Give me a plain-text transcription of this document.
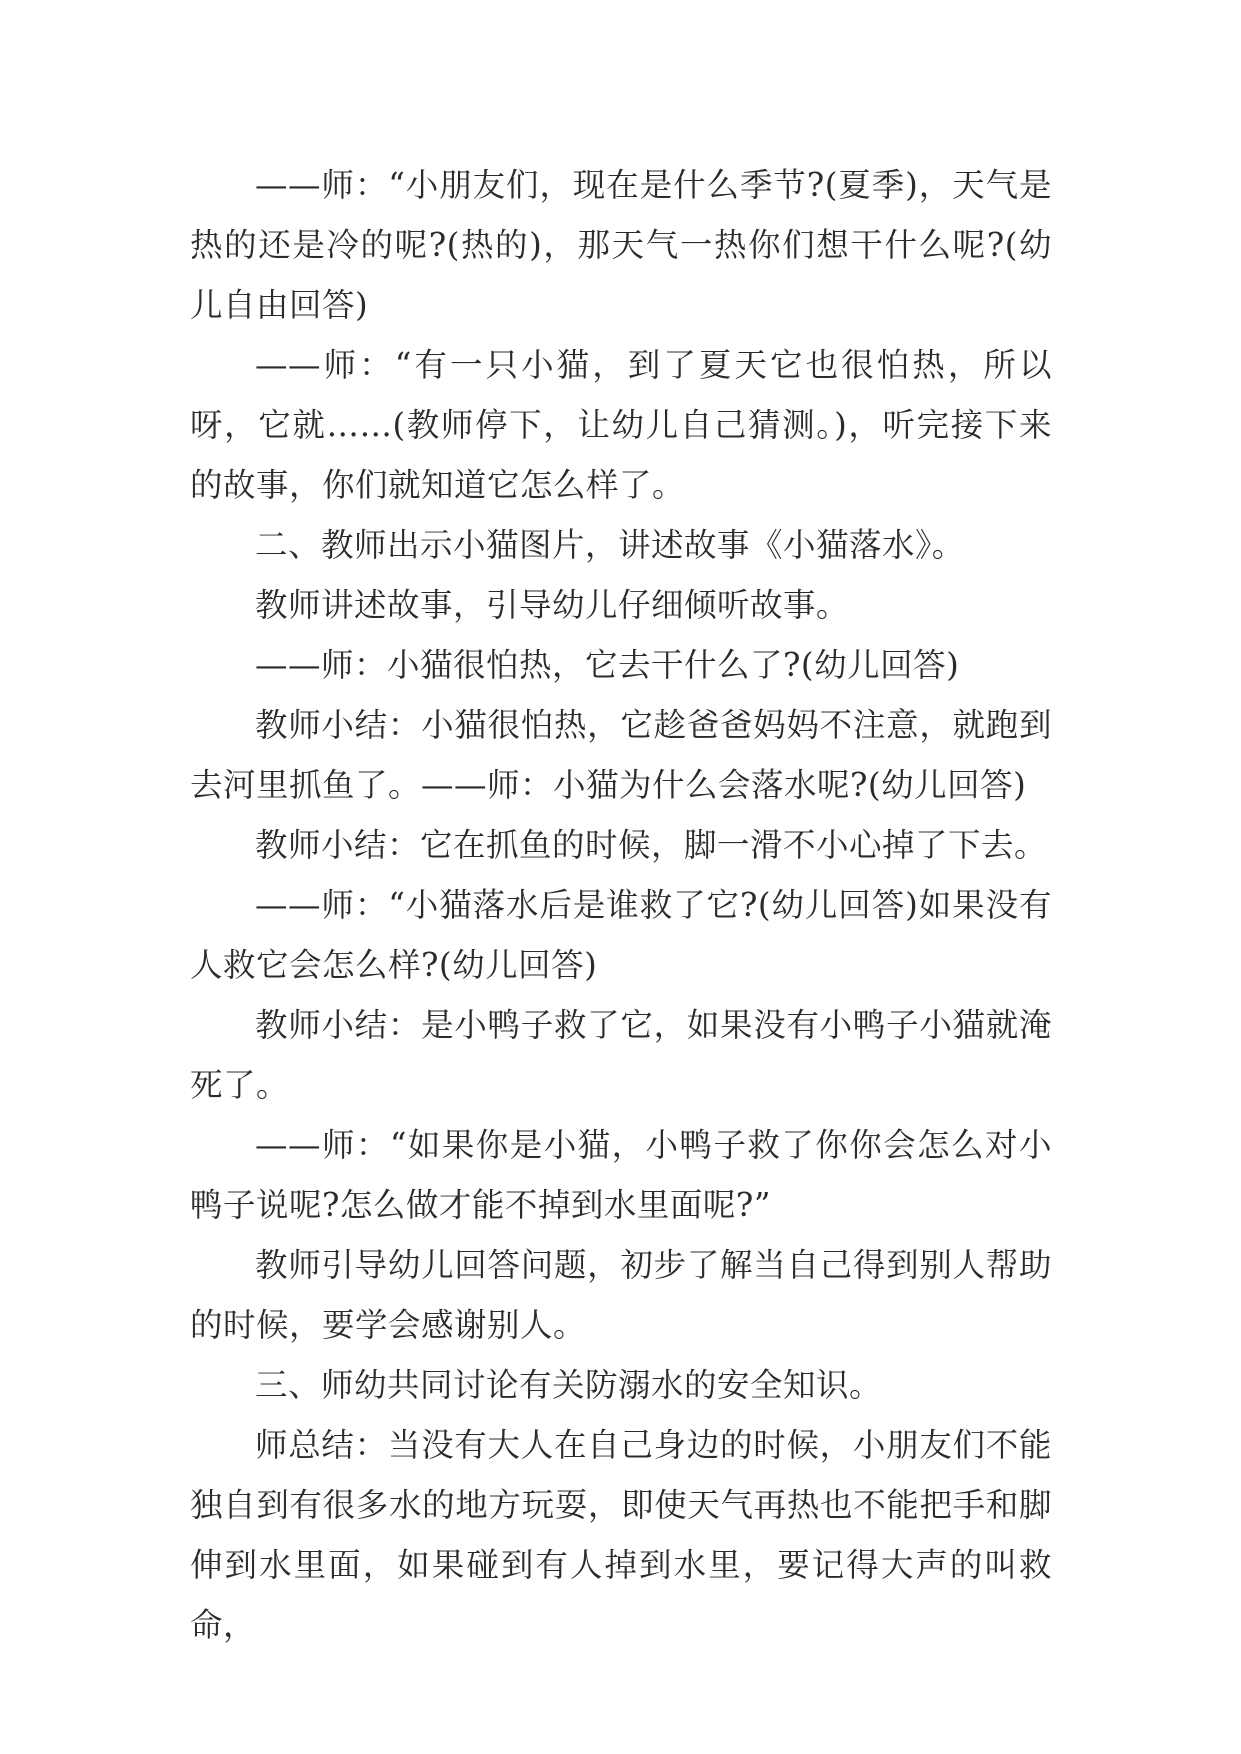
——师：“小朋友们，现在是什么季节?(夏季)，天气是热的还是冷的呢?(热的)，那天气一热你们想干什么呢?(幼儿自由回答)

——师：“有一只小猫，到了夏天它也很怕热，所以呀，它就……(教师停下，让幼儿自己猜测。)，听完接下来的故事，你们就知道它怎么样了。

二、教师出示小猫图片，讲述故事《小猫落水》。

教师讲述故事，引导幼儿仔细倾听故事。

——师：小猫很怕热，它去干什么了?(幼儿回答)

教师小结：小猫很怕热，它趁爸爸妈妈不注意，就跑到去河里抓鱼了。——师：小猫为什么会落水呢?(幼儿回答)

教师小结：它在抓鱼的时候，脚一滑不小心掉了下去。

——师：“小猫落水后是谁救了它?(幼儿回答)如果没有人救它会怎么样?(幼儿回答)

教师小结：是小鸭子救了它，如果没有小鸭子小猫就淹死了。

——师：“如果你是小猫，小鸭子救了你你会怎么对小鸭子说呢?怎么做才能不掉到水里面呢?”

教师引导幼儿回答问题，初步了解当自己得到别人帮助的时候，要学会感谢别人。

三、师幼共同讨论有关防溺水的安全知识。

师总结：当没有大人在自己身边的时候，小朋友们不能独自到有很多水的地方玩耍，即使天气再热也不能把手和脚伸到水里面，如果碰到有人掉到水里，要记得大声的叫救命，
